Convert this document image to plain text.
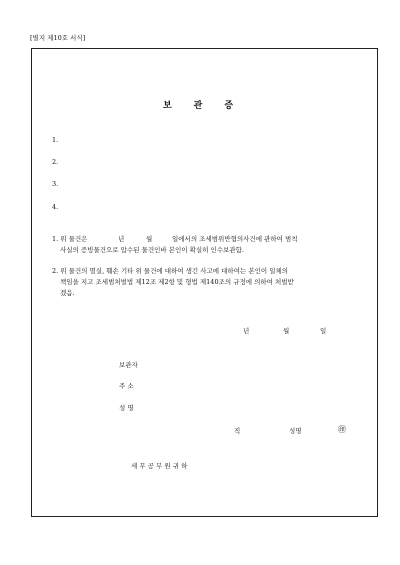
[별지 제10호 서식]
보 관 증
1.
2.
3.
4.
1. 위 물건은	년	월	일에서의 조세범위반협의사건에 관하여 범칙
사실의 증빙물건으로 압수된 물건인바 본인이 확실히 인수보관함.
2. 위 물건의 멸실, 훼손 기타 위 물건에 대하여 생긴 사고에 대하여는 본인이 일체의
책임을 지고 조세범처벌법 제12조 제2항 및 형법 제140조의 규정에 의하여 처벌받
겠음.
년	월	일
보관자
주 소
성 명
직	성명	㊞
세 무 공 무 원 귀 하
